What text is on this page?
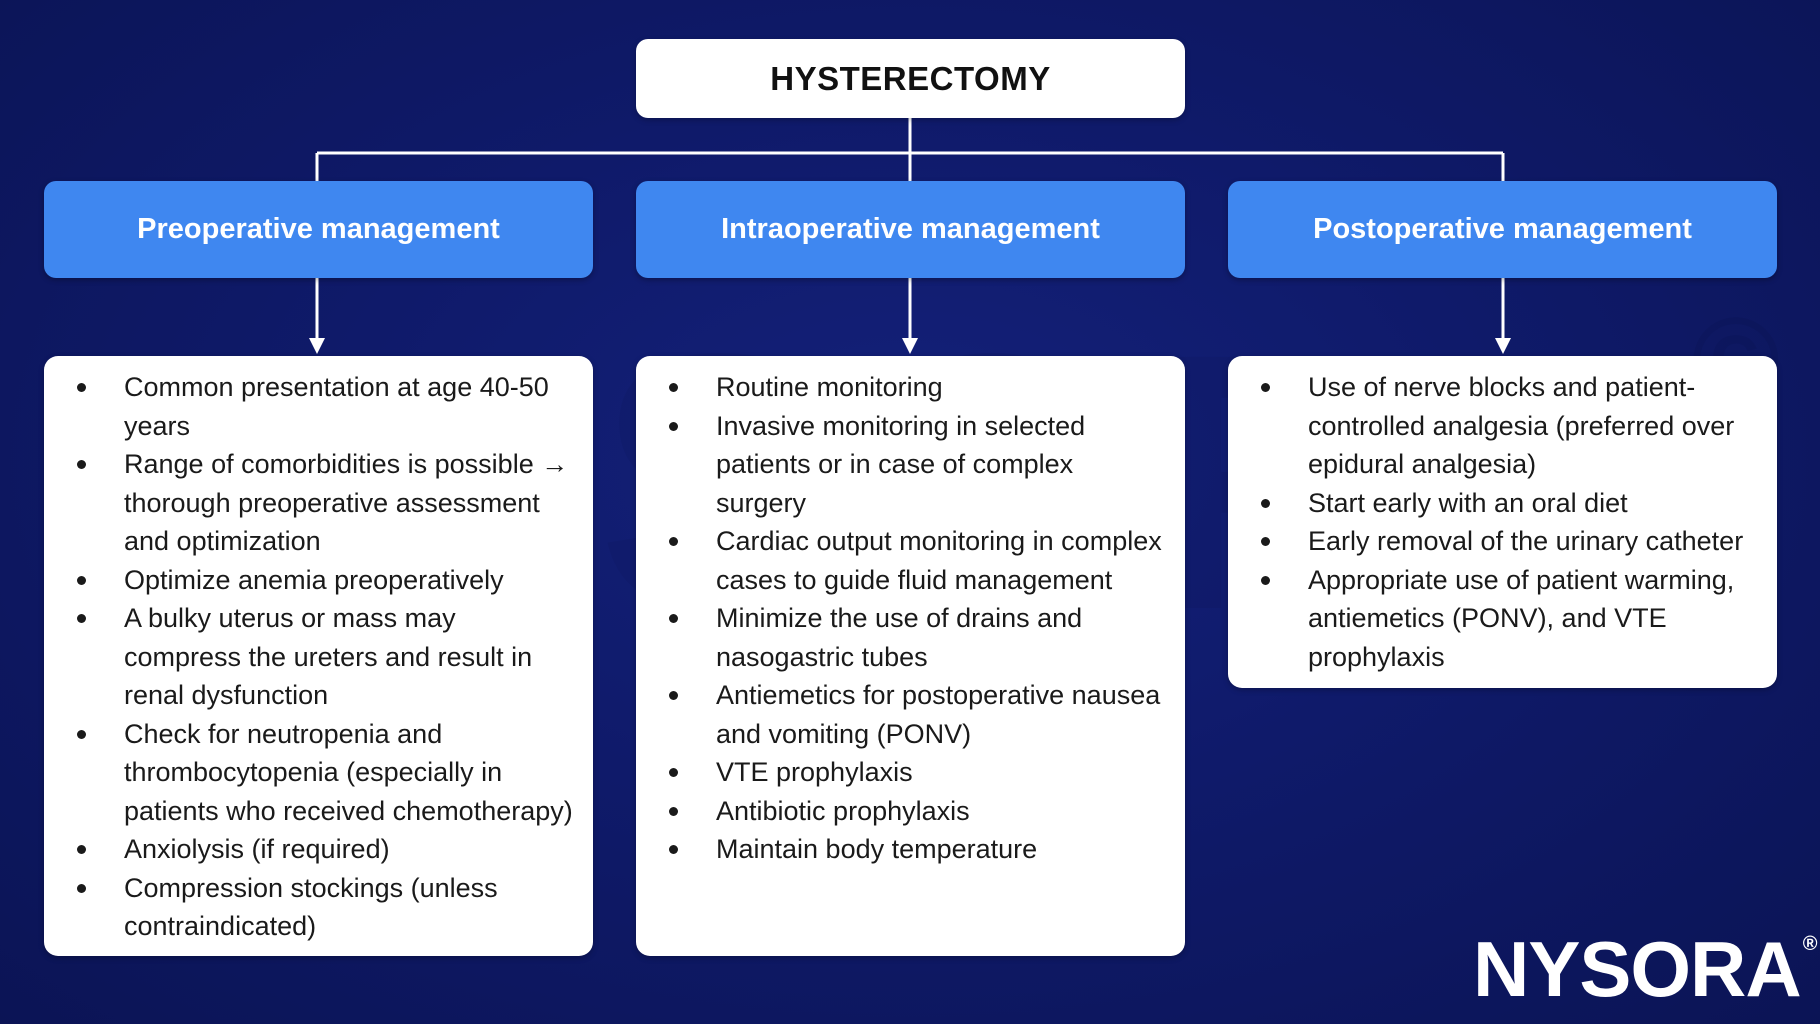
HYSTERECTOMY
Preoperative management	Intraoperative management	Postoperative management
Common presentation at age 40-50 years
Range of comorbidities is possible → thorough preoperative assessment and optimization
Optimize anemia preoperatively
A bulky uterus or mass may compress the ureters and result in renal dysfunction
Check for neutropenia and thrombocytopenia (especially in patients who received chemotherapy)
Anxiolysis (if required)
Compression stockings (unless contraindicated)
Routine monitoring
Invasive monitoring in selected patients or in case of complex surgery
Cardiac output monitoring in complex cases to guide fluid management
Minimize the use of drains and nasogastric tubes
Antiemetics for postoperative nausea and vomiting (PONV)
VTE prophylaxis
Antibiotic prophylaxis
Maintain body temperature
Use of nerve blocks and patient-controlled analgesia (preferred over epidural analgesia)
Start early with an oral diet
Early removal of the urinary catheter
Appropriate use of patient warming, antiemetics (PONV), and VTE prophylaxis
NYSORA ®
